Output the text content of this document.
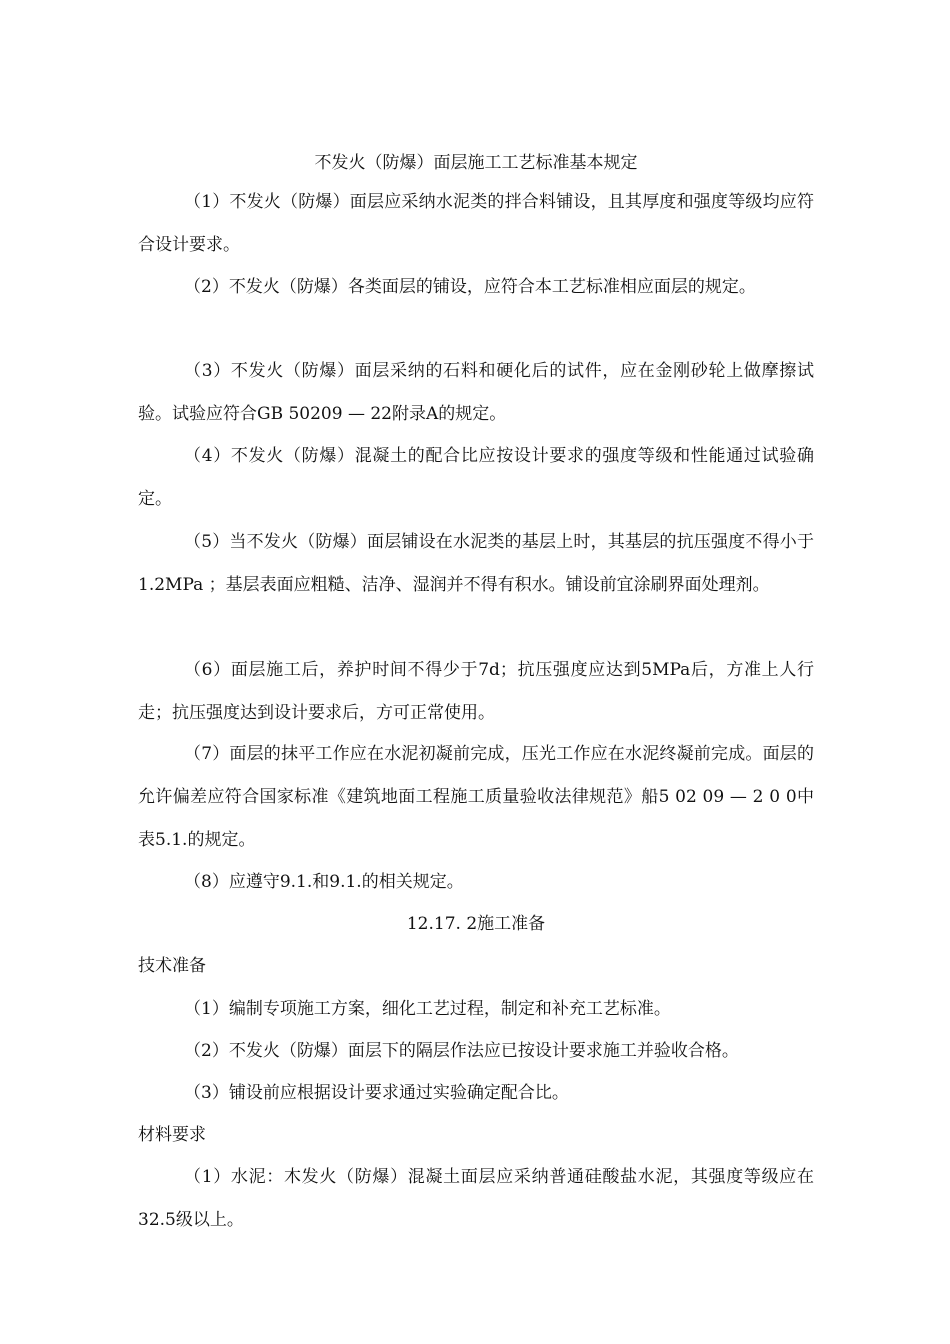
不发火（防爆）面层施工工艺标准基本规定

（1）不发火（防爆）面层应采纳水泥类的拌合料铺设，且其厚度和强度等级均应符合设计要求。

（2）不发火（防爆）各类面层的铺设，应符合本工艺标准相应面层的规定。

（3）不发火（防爆）面层采纳的石料和硬化后的试件，应在金刚砂轮上做摩擦试验。试验应符合GB 50209 — 22附录A的规定。

（4）不发火（防爆）混凝土的配合比应按设计要求的强度等级和性能通过试验确定。

（5）当不发火（防爆）面层铺设在水泥类的基层上时，其基层的抗压强度不得小于1.2MPa ；基层表面应粗糙、洁净、湿润并不得有积水。铺设前宜涂刷界面处理剂。

（6）面层施工后，养护时间不得少于7d；抗压强度应达到5MPa后，方准上人行走；抗压强度达到设计要求后，方可正常使用。

（7）面层的抹平工作应在水泥初凝前完成，压光工作应在水泥终凝前完成。面层的允许偏差应符合国家标准《建筑地面工程施工质量验收法律规范》船5 02 09 — 2 0 0中表5.1.的规定。

（8）应遵守9.1.和9.1.的相关规定。

12.17. 2施工准备

技术准备

（1）编制专项施工方案，细化工艺过程，制定和补充工艺标准。

（2）不发火（防爆）面层下的隔层作法应已按设计要求施工并验收合格。

（3）铺设前应根据设计要求通过实验确定配合比。

材料要求

（1）水泥：木发火（防爆）混凝土面层应采纳普通硅酸盐水泥，其强度等级应在32.5级以上。
